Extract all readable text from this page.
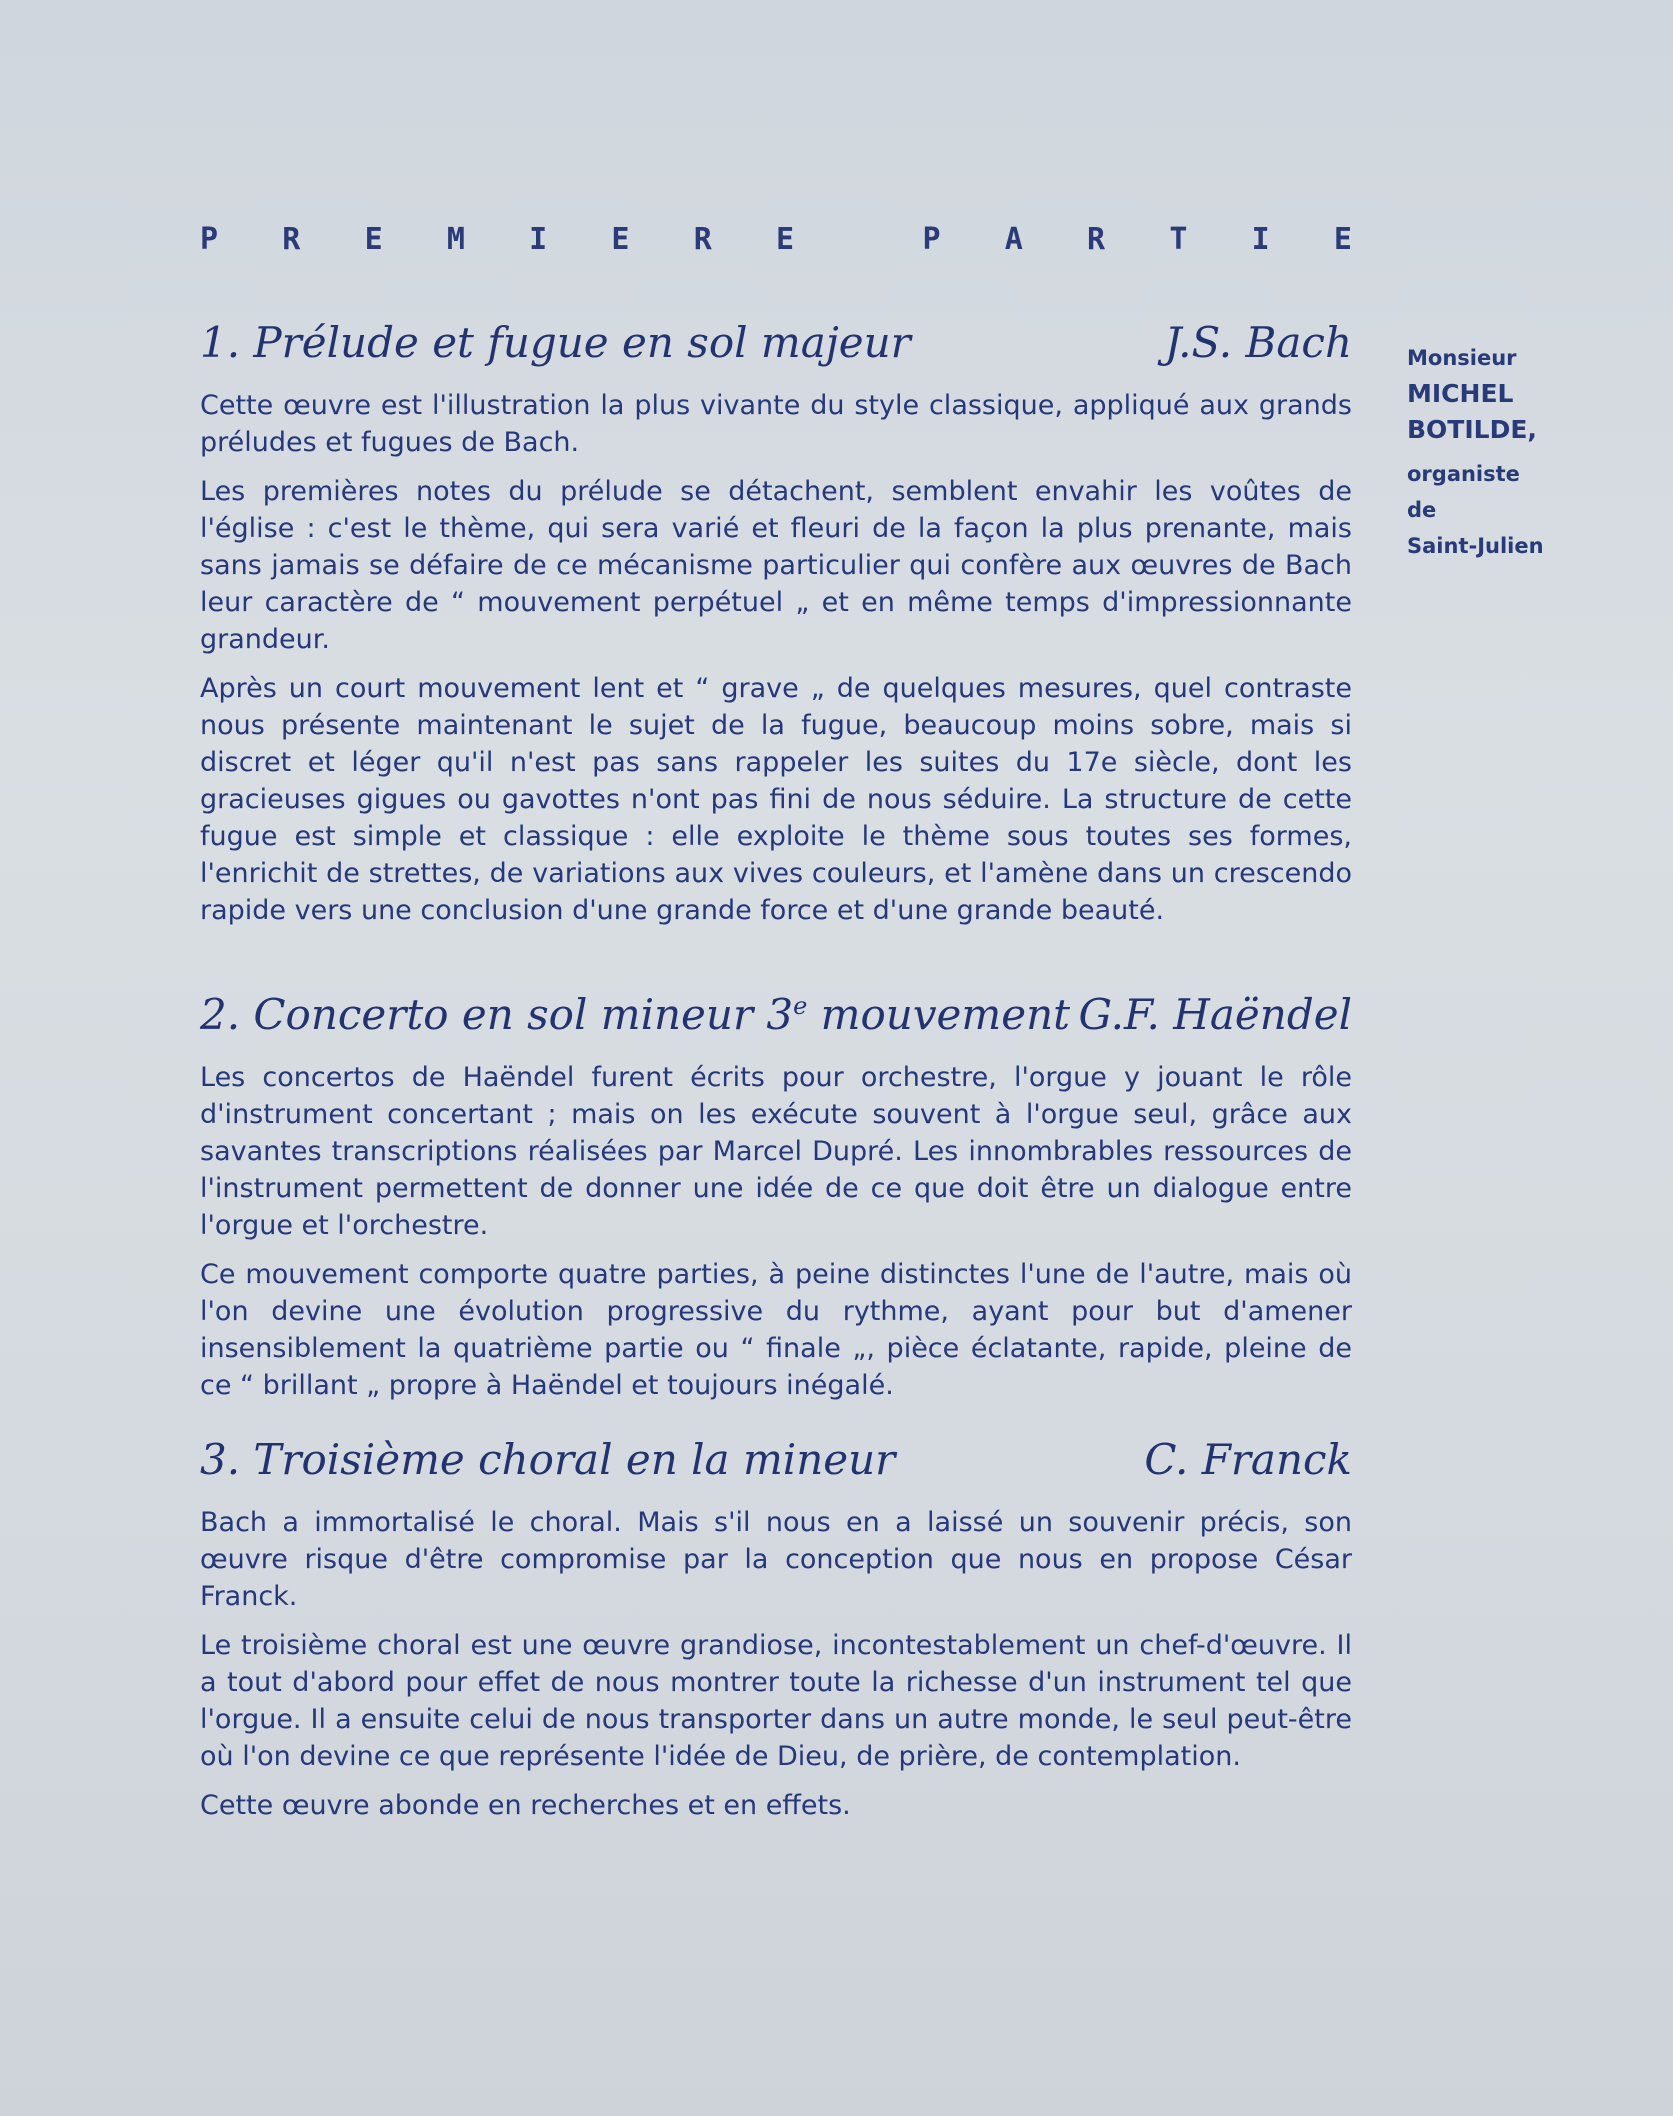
P R E M I E R E	P A R T I E
Monsieur
MICHEL
BOTILDE,
organiste
de
Saint-Julien
1. Prélude et fugue en sol majeur	J.S. Bach

Cette œuvre est l'illustration la plus vivante du style classique, appliqué aux grands préludes et fugues de Bach.

Les premières notes du prélude se détachent, semblent envahir les voûtes de l'église : c'est le thème, qui sera varié et fleuri de la façon la plus prenante, mais sans jamais se défaire de ce mécanisme particulier qui confère aux œuvres de Bach leur caractère de “ mouvement perpétuel „ et en même temps d'impressionnante grandeur.

Après un court mouvement lent et “ grave „ de quelques mesures, quel contraste nous présente maintenant le sujet de la fugue, beaucoup moins sobre, mais si discret et léger qu'il n'est pas sans rappeler les suites du 17e siècle, dont les gracieuses gigues ou gavottes n'ont pas fini de nous séduire. La structure de cette fugue est simple et classique : elle exploite le thème sous toutes ses formes, l'enrichit de strettes, de variations aux vives couleurs, et l'amène dans un crescendo rapide vers une conclusion d'une grande force et d'une grande beauté.

2. Concerto en sol mineur 3e mouvement G.F. Haëndel

Les concertos de Haëndel furent écrits pour orchestre, l'orgue y jouant le rôle d'instrument concertant ; mais on les exécute souvent à l'orgue seul, grâce aux savantes transcriptions réalisées par Marcel Dupré. Les innombrables ressources de l'instrument permettent de donner une idée de ce que doit être un dialogue entre l'orgue et l'orchestre.

Ce mouvement comporte quatre parties, à peine distinctes l'une de l'autre, mais où l'on devine une évolution progressive du rythme, ayant pour but d'amener insensiblement la quatrième partie ou “ finale „, pièce éclatante, rapide, pleine de ce “ brillant „ propre à Haëndel et toujours inégalé.

3. Troisième choral en la mineur	C. Franck

Bach a immortalisé le choral. Mais s'il nous en a laissé un souvenir précis, son œuvre risque d'être compromise par la conception que nous en propose César Franck.

Le troisième choral est une œuvre grandiose, incontestablement un chef-d'œuvre. Il a tout d'abord pour effet de nous montrer toute la richesse d'un instrument tel que l'orgue. Il a ensuite celui de nous transporter dans un autre monde, le seul peut-être où l'on devine ce que représente l'idée de Dieu, de prière, de contemplation.

Cette œuvre abonde en recherches et en effets.
